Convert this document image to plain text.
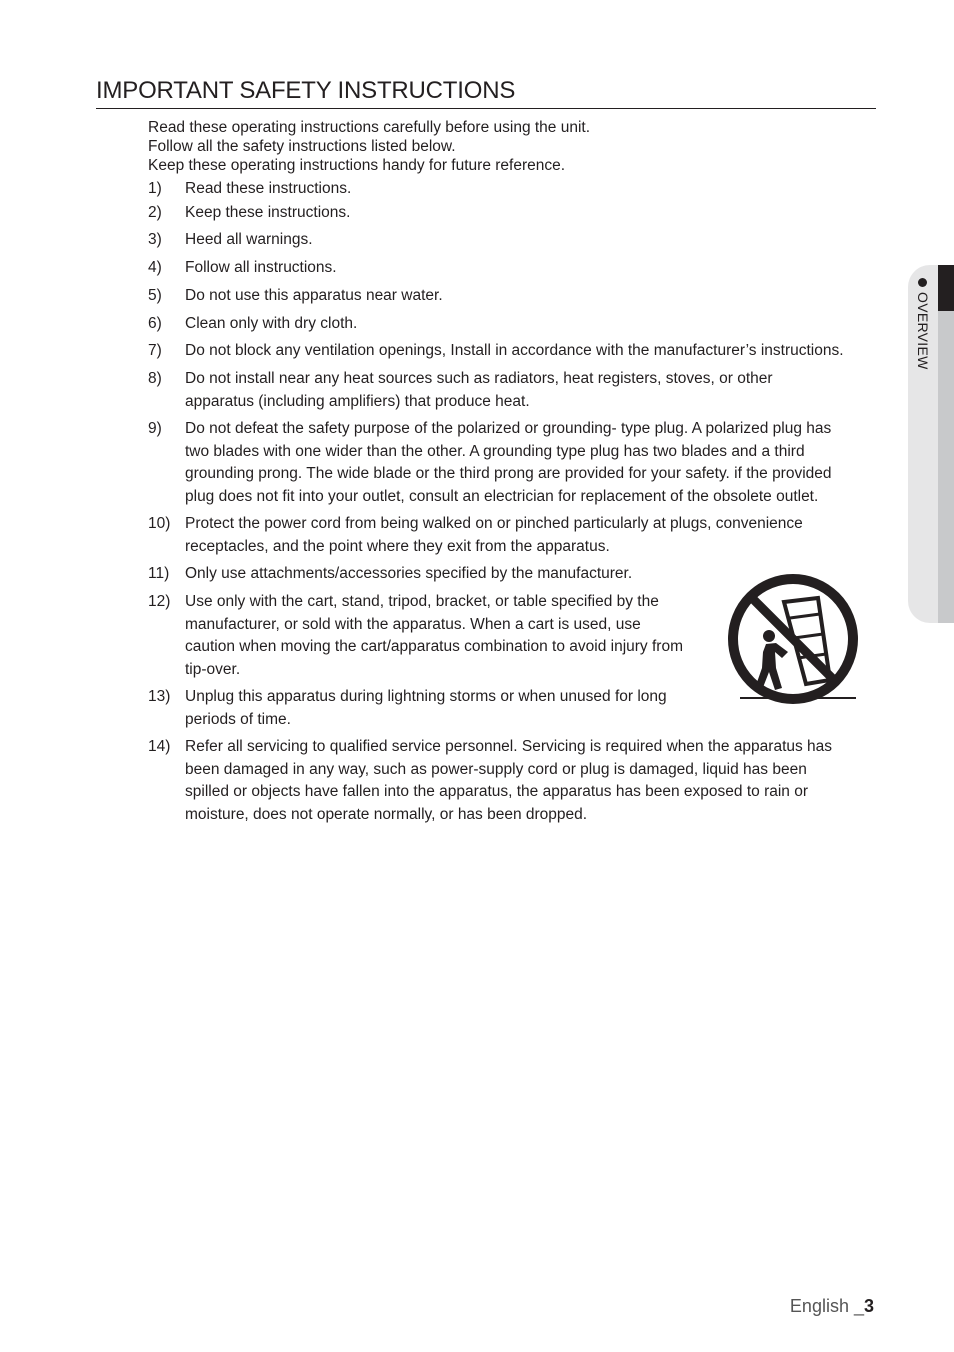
IMPORTANT SAFETY INSTRUCTIONS
Read these operating instructions carefully before using the unit.
Follow all the safety instructions listed below.
Keep these operating instructions handy for future reference.
1) Read these instructions.
2) Keep these instructions.
3) Heed all warnings.
4) Follow all instructions.
5) Do not use this apparatus near water.
6) Clean only with dry cloth.
7) Do not block any ventilation openings, Install in accordance with the manufacturer’s instructions.
8) Do not install near any heat sources such as radiators, heat registers, stoves, or other
apparatus (including amplifiers) that produce heat.
9) Do not defeat the safety purpose of the polarized or grounding- type plug. A polarized plug has
two blades with one wider than the other. A grounding type plug has two blades and a third
grounding prong. The wide blade or the third prong are provided for your safety. if the provided
plug does not fit into your outlet, consult an electrician for replacement of the obsolete outlet.
10) Protect the power cord from being walked on or pinched particularly at plugs, convenience
receptacles, and the point where they exit from the apparatus.
11) Only use attachments/accessories specified by the manufacturer.
12) Use only with the cart, stand, tripod, bracket, or table specified by the
manufacturer, or sold with the apparatus. When a cart is used, use
caution when moving the cart/apparatus combination to avoid injury from
tip-over.
13) Unplug this apparatus during lightning storms or when unused for long
periods of time.
14) Refer all servicing to qualified service personnel. Servicing is required when the apparatus has
been damaged in any way, such as power-supply cord or plug is damaged, liquid has been
spilled or objects have fallen into the apparatus, the apparatus has been exposed to rain or
moisture, does not operate normally, or has been dropped.
OVERVIEW
English _3
